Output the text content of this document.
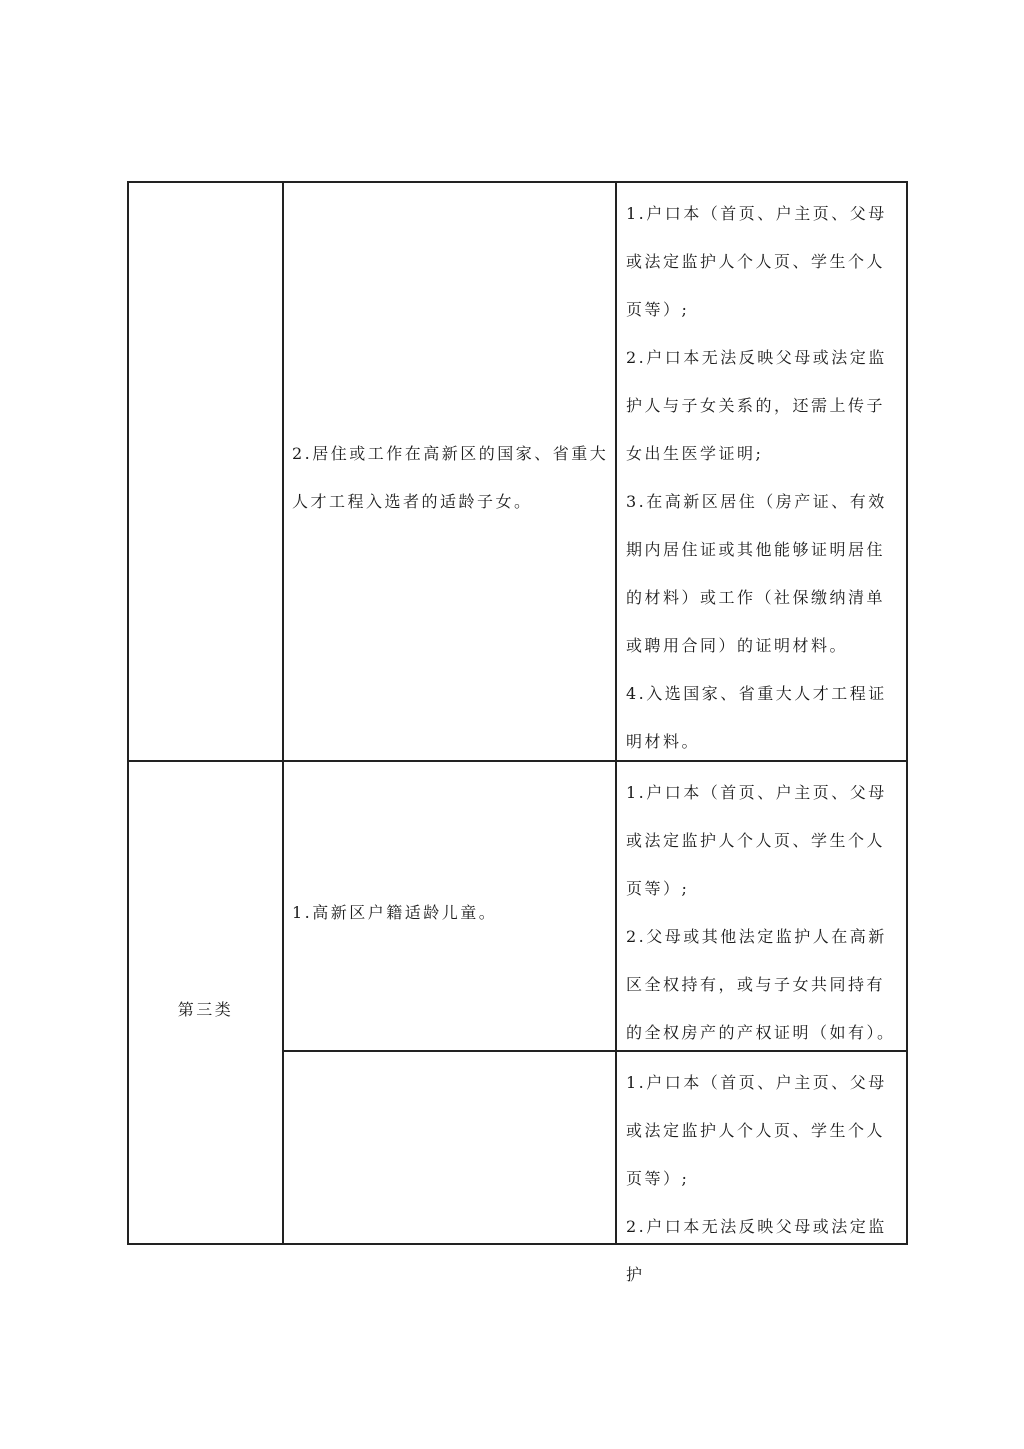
2.居住或工作在高新区的国家、省重大人才工程入选者的适龄子女。

1.户口本（首页、户主页、父母或法定监护人个人页、学生个人页等）;

2.户口本无法反映父母或法定监护人与子女关系的，还需上传子女出生医学证明;

3.在高新区居住（房产证、有效期内居住证或其他能够证明居住的材料）或工作（社保缴纳清单或聘用合同）的证明材料。

4.入选国家、省重大人才工程证明材料。

第三类
1.高新区户籍适龄儿童。

1.户口本（首页、户主页、父母或法定监护人个人页、学生个人页等）;

2.父母或其他法定监护人在高新区全权持有，或与子女共同持有的全权房产的产权证明（如有）。

1.户口本（首页、户主页、父母或法定监护人个人页、学生个人页等）;

2.户口本无法反映父母或法定监护
